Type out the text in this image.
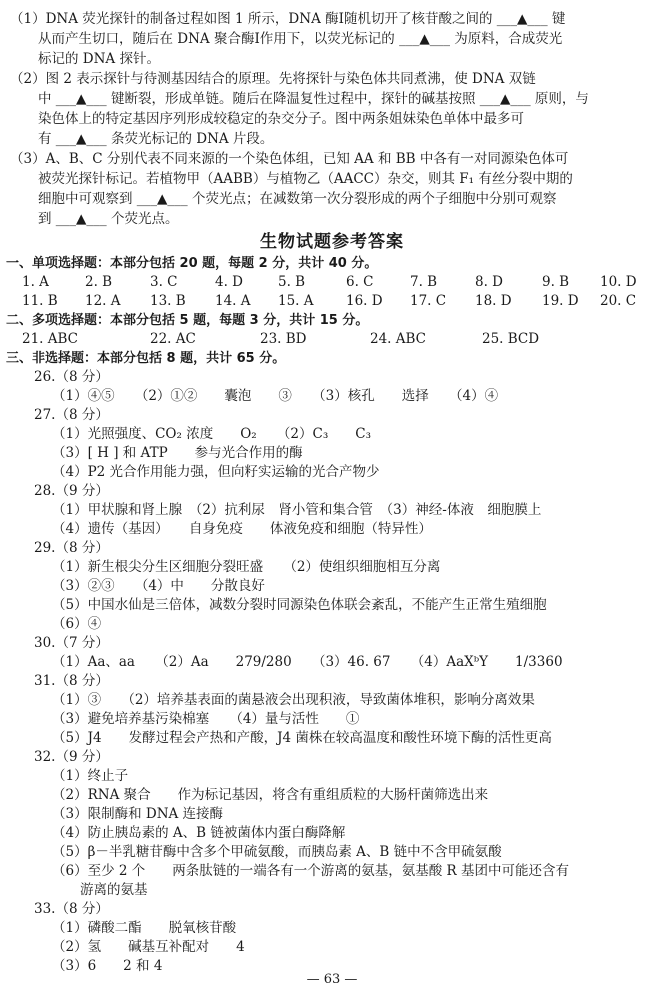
（1）DNA 荧光探针的制备过程如图 1 所示，DNA 酶Ⅰ随机切开了核苷酸之间的 ___▲___ 键
从而产生切口，随后在 DNA 聚合酶Ⅰ作用下，以荧光标记的 ___▲___ 为原料，合成荧光
标记的 DNA 探针。
（2）图 2 表示探针与待测基因结合的原理。先将探针与染色体共同煮沸，使 DNA 双链
中 ___▲___ 键断裂，形成单链。随后在降温复性过程中，探针的碱基按照 ___▲___ 原则，与
染色体上的特定基因序列形成较稳定的杂交分子。图中两条姐妹染色单体中最多可
有 ___▲___ 条荧光标记的 DNA 片段。
（3）A、B、C 分别代表不同来源的一个染色体组，已知 AA 和 BB 中各有一对同源染色体可
被荧光探针标记。若植物甲（AABB）与植物乙（AACC）杂交，则其 F₁ 有丝分裂中期的
细胞中可观察到 ___▲___ 个荧光点；在减数第一次分裂形成的两个子细胞中分别可观察
到 ___▲___ 个荧光点。
生物试题参考答案
一、单项选择题：本部分包括 20 题，每题 2 分，共计 40 分。
1. A	2. B	3. C	4. D	5. B	6. C	7. B	8. D	9. B 10. D
11. B 12. A 13. B 14. A 15. A 16. D 17. C 18. D 19. D 20. C
二、多项选择题：本部分包括 5 题，每题 3 分，共计 15 分。
21. ABC	22. AC	23. BD	24. ABC	25. BCD
三、非选择题：本部分包括 8 题，共计 65 分。
26.（8 分）
（1）④⑤　　（2）①②　　囊泡　　③　　（3）核孔　　选择　　（4）④
27.（8 分）
（1）光照强度、CO₂ 浓度　　O₂　　（2）C₃　　C₃
（3）[ H ] 和 ATP　　参与光合作用的酶
（4）P2 光合作用能力强，但向籽实运输的光合产物少
28.（9 分）
（1）甲状腺和肾上腺　（2）抗利尿　肾小管和集合管　（3）神经-体液　细胞膜上
（4）遗传（基因）　　自身免疫　　体液免疫和细胞（特异性）
29.（8 分）
（1）新生根尖分生区细胞分裂旺盛　　（2）使组织细胞相互分离
（3）②③　　（4）中　　分散良好
（5）中国水仙是三倍体，减数分裂时同源染色体联会紊乱，不能产生正常生殖细胞
（6）④
30.（7 分）
（1）Aa、aa　　（2）Aa　　279/280　　（3）46. 67　　（4）AaXᵇY　　1/3360
31.（8 分）
（1）③　　（2）培养基表面的菌悬液会出现积液，导致菌体堆积，影响分离效果
（3）避免培养基污染棉塞　　（4）量与活性　　①
（5）J4　　发酵过程会产热和产酸，J4 菌株在较高温度和酸性环境下酶的活性更高
32.（9 分）
（1）终止子
（2）RNA 聚合　　作为标记基因，将含有重组质粒的大肠杆菌筛选出来
（3）限制酶和 DNA 连接酶
（4）防止胰岛素的 A、B 链被菌体内蛋白酶降解
（5）β－半乳糖苷酶中含多个甲硫氨酸，而胰岛素 A、B 链中不含甲硫氨酸
（6）至少 2 个　　两条肽链的一端各有一个游离的氨基，氨基酸 R 基团中可能还含有
游离的氨基
33.（8 分）
（1）磷酸二酯　　脱氧核苷酸
（2）氢　　碱基互补配对　　4
（3）6　　2 和 4
— 63 —
